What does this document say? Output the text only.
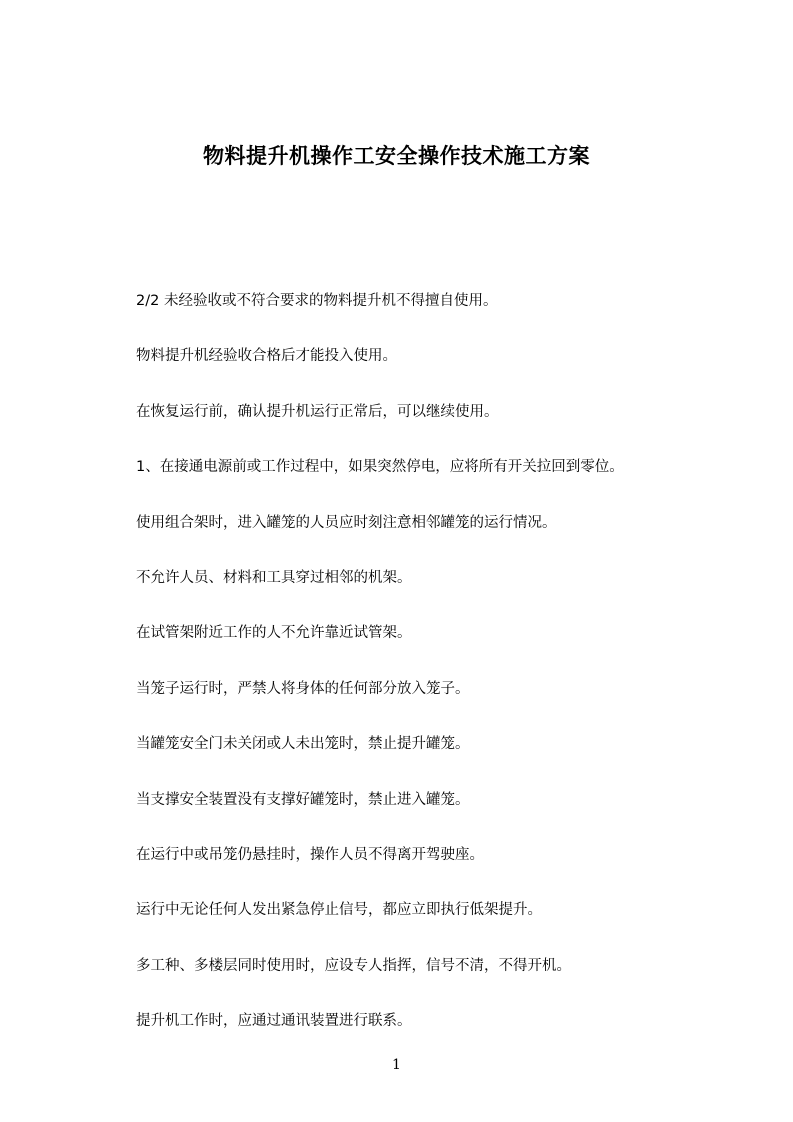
物料提升机操作工安全操作技术施工方案

2/2 未经验收或不符合要求的物料提升机不得擅自使用。

物料提升机经验收合格后才能投入使用。

在恢复运行前，确认提升机运行正常后，可以继续使用。

1、在接通电源前或工作过程中，如果突然停电，应将所有开关拉回到零位。

使用组合架时，进入罐笼的人员应时刻注意相邻罐笼的运行情况。

不允许人员、材料和工具穿过相邻的机架。

在试管架附近工作的人不允许靠近试管架。

当笼子运行时，严禁人将身体的任何部分放入笼子。

当罐笼安全门未关闭或人未出笼时，禁止提升罐笼。

当支撑安全装置没有支撑好罐笼时，禁止进入罐笼。

在运行中或吊笼仍悬挂时，操作人员不得离开驾驶座。

运行中无论任何人发出紧急停止信号，都应立即执行低架提升。

多工种、多楼层同时使用时，应设专人指挥，信号不清，不得开机。

提升机工作时，应通过通讯装置进行联系。

1
